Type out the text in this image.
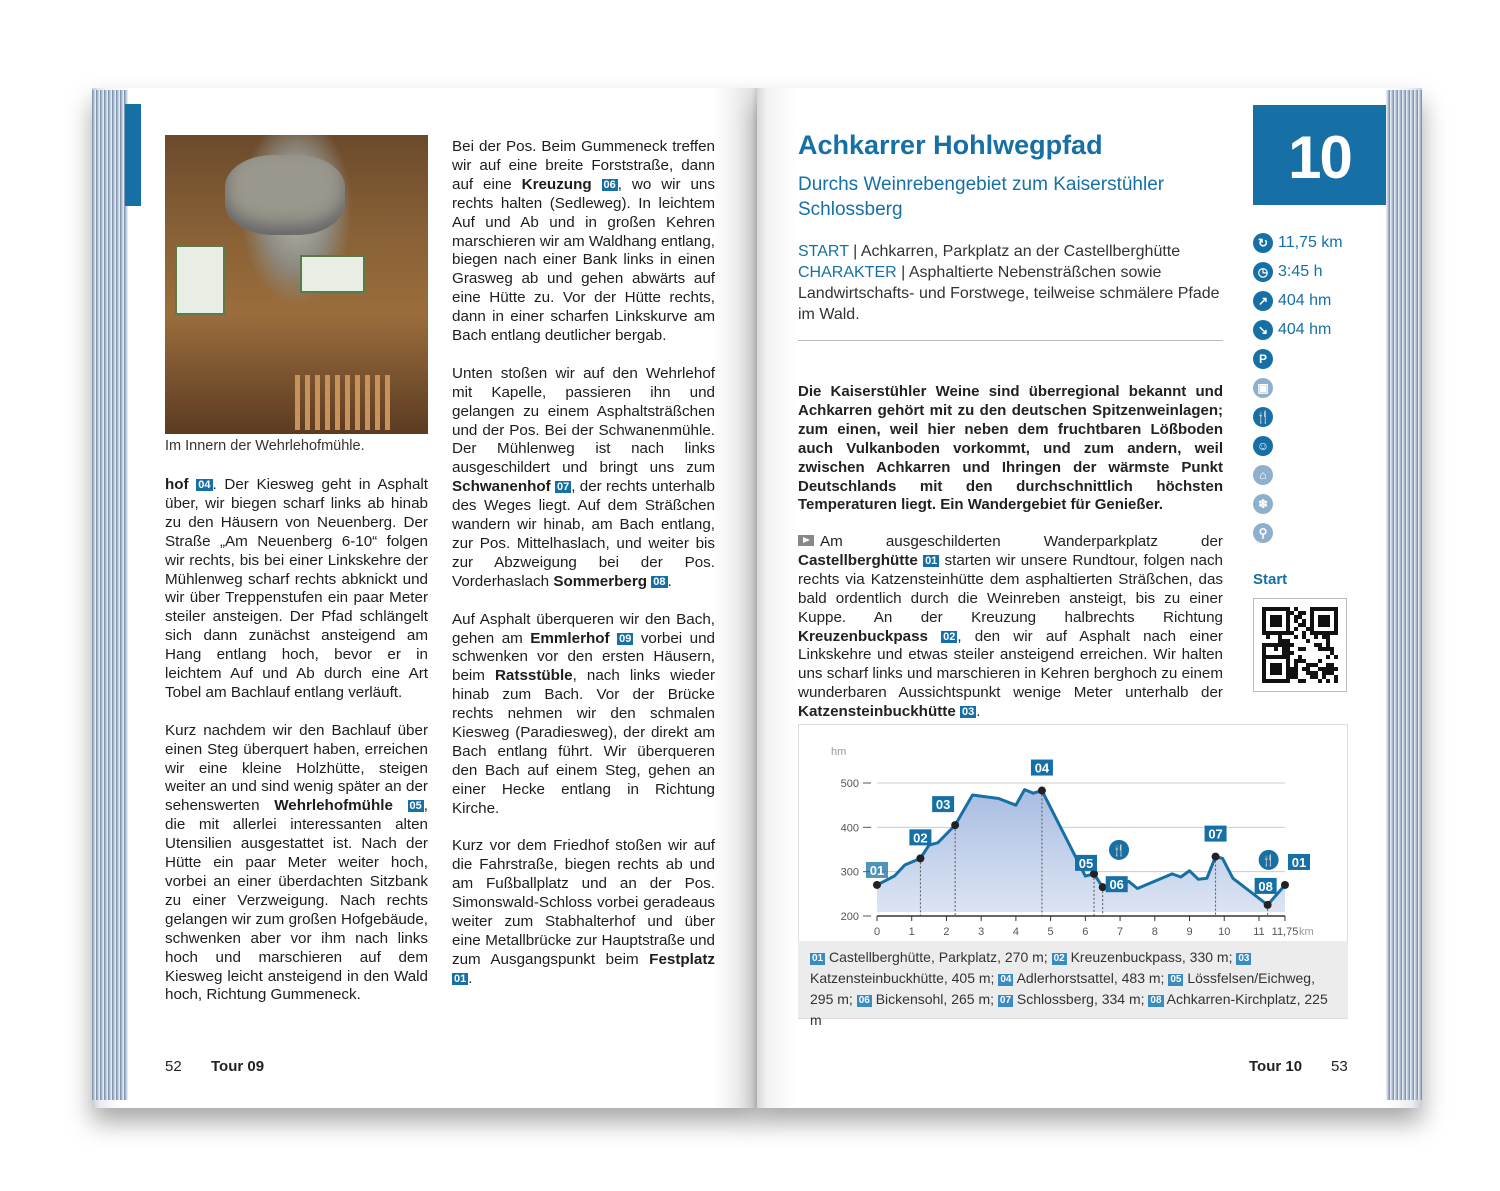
Im Innern der Wehrlehofmühle.

hof 04 . Der Kiesweg geht in Asphalt über, wir biegen scharf links ab hinab zu den Häusern von Neuenberg. Der Straße „Am Neuenberg 6-10“ folgen wir rechts, bis bei einer Linkskehre der Mühlenweg scharf rechts abknickt und wir über Treppenstufen ein paar Meter steiler ansteigen. Der Pfad schlängelt sich dann zunächst ansteigend am Hang entlang hoch, bevor er in leichtem Auf und Ab durch eine Art Tobel am Bachlauf entlang verläuft.

Kurz nachdem wir den Bachlauf über einen Steg überquert haben, erreichen wir eine kleine Holzhütte, steigen weiter an und sind wenig später an der sehenswerten Wehrlehofmühle 05 , die mit allerlei interessanten alten Utensilien ausgestattet ist. Nach der Hütte ein paar Meter weiter hoch, vorbei an einer überdachten Sitzbank zu einer Verzweigung. Nach rechts gelangen wir zum großen Hofgebäude, schwenken aber vor ihm nach links hoch und marschieren auf dem Kiesweg leicht ansteigend in den Wald hoch, Richtung Gummeneck.

Bei der Pos. Beim Gummeneck treffen wir auf eine breite Forststraße, dann auf eine Kreuzung 06 , wo wir uns rechts halten (Sedleweg). In leichtem Auf und Ab und in großen Kehren marschieren wir am Waldhang entlang, biegen nach einer Bank links in einen Grasweg ab und gehen abwärts auf eine Hütte zu. Vor der Hütte rechts, dann in einer scharfen Linkskurve am Bach entlang deutlicher bergab.

Unten stoßen wir auf den Wehrlehof mit Kapelle, passieren ihn und gelangen zu einem Asphaltsträßchen und der Pos. Bei der Schwanenmühle. Der Mühlenweg ist nach links ausgeschildert und bringt uns zum Schwanenhof 07 , der rechts unterhalb des Weges liegt. Auf dem Sträßchen wandern wir hinab, am Bach entlang, zur Pos. Mittelhaslach, und weiter bis zur Abzweigung bei der Pos. Vorderhaslach Sommerberg 08 .

Auf Asphalt überqueren wir den Bach, gehen am Emmlerhof 09 vorbei und schwenken vor den ersten Häusern, beim Ratsstüble, nach links wieder hinab zum Bach. Vor der Brücke rechts nehmen wir den schmalen Kiesweg (Paradiesweg), der direkt am Bach entlang führt. Wir überqueren den Bach auf einem Steg, gehen an einer Hecke entlang in Richtung Kirche.

Kurz vor dem Friedhof stoßen wir auf die Fahrstraße, biegen rechts ab und am Fußballplatz und an der Pos. Simonswald-Schloss vorbei geradeaus weiter zum Stabhalterhof und über eine Metallbrücke zur Hauptstraße und zum Ausgangspunkt beim Festplatz 01 .

52 Tour 09	Tour 10 53
Achkarrer Hohlwegpfad
Durchs Weinrebengebiet zum Kaiserstühler Schlossberg
START | Achkarren, Parkplatz an der Castellberghütte
CHARAKTER | Asphaltierte Nebensträßchen sowie Landwirtschafts- und Forstwege, teilweise schmälere Pfade im Wald.
Die Kaiserstühler Weine sind überregional bekannt und Achkarren gehört mit zu den deutschen Spitzenweinlagen; zum einen, weil hier neben dem fruchtbaren Lößboden auch Vulkanboden vorkommt, und zum andern, weil zwischen Achkarren und Ihringen der wärmste Punkt Deutschlands mit den durchschnittlich höchsten Temperaturen liegt. Ein Wandergebiet für Genießer.
Am ausgeschilderten Wanderparkplatz der Castellberghütte 01 starten wir unsere Rundtour, folgen nach rechts via Katzensteinhütte dem asphaltierten Sträßchen, das bald ordentlich durch die Weinreben ansteigt, bis zu einer Kuppe. An der Kreuzung halbrechts Richtung Kreuzenbuckpass 02 , den wir auf Asphalt nach einer Linkskehre und etwas steiler ansteigend erreichen. Wir halten uns scharf links und marschieren in Kehren berghoch zu einem wunderbaren Aussichtspunkt wenige Meter unterhalb der Katzensteinbuckhütte 03 .
10
↻ 11,75 km
◷ 3:45 h
↗ 404 hm
↘ 404 hm
P
▣
🍴
☺
⌂
❄
⚲
Start
hm
200
300
400
500
0	1	2	3	4	5	6	7	8	9 10 11 11,75 km
01
02
03
04
05
06
07
08
01
🍴
🍴
01 Castellberghütte, Parkplatz, 270 m; 02 Kreuzenbuckpass, 330 m; 03 Katzensteinbuckhütte, 405 m; 04 Adlerhorstsattel, 483 m; 05 Lössfelsen/Eichweg, 295 m; 06 Bickensohl, 265 m; 07 Schlossberg, 334 m; 08 Achkarren-Kirchplatz, 225 m
